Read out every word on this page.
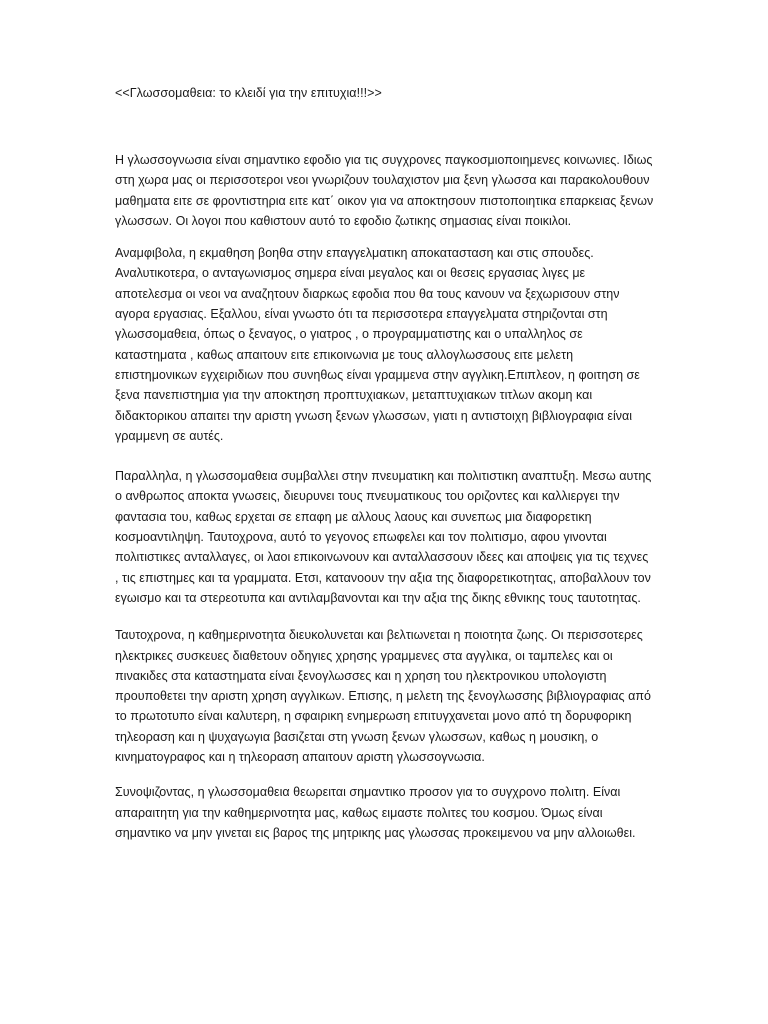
<<Γλωσσομαθεια: το κλειδί για την επιτυχια!!!>>

Η γλωσσογνωσια είναι σημαντικο εφοδιο για τις συγχρονες παγκοσμιοποιημενες κοινωνιες. Ιδιως στη χωρα μας οι περισσοτεροι νεοι γνωριζουν τουλαχιστον μια ξενη γλωσσα και παρακολουθουν μαθηματα ειτε σε φροντιστηρια ειτε κατ΄ οικον για να αποκτησουν πιστοποιητικα επαρκειας ξενων γλωσσων. Οι λογοι που καθιστουν αυτό το εφοδιο ζωτικης σημασιας είναι ποικιλοι.

Αναμφιβολα, η εκμαθηση βοηθα στην επαγγελματικη αποκατασταση και στις σπουδες. Αναλυτικοτερα, ο ανταγωνισμος σημερα είναι μεγαλος και οι θεσεις εργασιας λιγες με αποτελεσμα οι νεοι να αναζητουν διαρκως εφοδια που θα τους κανουν να ξεχωρισουν στην αγορα εργασιας. Εξαλλου, είναι γνωστο ότι τα περισσοτερα επαγγελματα στηριζονται στη γλωσσομαθεια, όπως ο ξεναγος, ο γιατρος , ο προγραμματιστης και ο υπαλληλος σε καταστηματα , καθως απαιτουν ειτε επικοινωνια με τους αλλογλωσσους ειτε μελετη επιστημονικων εγχειριδιων που συνηθως είναι γραμμενα στην αγγλικη.Επιπλεον, η φοιτηση σε ξενα πανεπιστημια για την αποκτηση προπτυχιακων, μεταπτυχιακων τιτλων ακομη και διδακτορικου απαιτει την αριστη γνωση ξενων γλωσσων, γιατι η αντιστοιχη βιβλιογραφια είναι γραμμενη σε αυτές.

Παραλληλα, η γλωσσομαθεια συμβαλλει στην πνευματικη και πολιτιστικη αναπτυξη. Μεσω αυτης ο ανθρωπος αποκτα γνωσεις, διευρυνει τους πνευματικους του οριζοντες και καλλιεργει την φαντασια του, καθως ερχεται σε επαφη με αλλους λαους και συνεπως μια διαφορετικη κοσμοαντιληψη. Ταυτοχρονα, αυτό το γεγονος επωφελει και τον πολιτισμο, αφου γινονται πολιτιστικες ανταλλαγες, οι λαοι επικοινωνουν και ανταλλασσουν ιδεες και αποψεις για τις τεχνες , τις επιστημες και τα γραμματα. Ετσι, κατανοουν την αξια της διαφορετικοτητας, αποβαλλουν τον εγωισμο και τα στερεοτυπα και αντιλαμβανονται και την αξια της δικης εθνικης τους ταυτοτητας.

Ταυτοχρονα, η καθημερινοτητα διευκολυνεται και βελτιωνεται η ποιοτητα ζωης. Οι περισσοτερες ηλεκτρικες συσκευες διαθετουν οδηγιες χρησης γραμμενες στα αγγλικα, οι ταμπελες και οι πινακιδες στα καταστηματα είναι ξενογλωσσες και η χρηση του ηλεκτρονικου υπολογιστη προυποθετει την αριστη χρηση αγγλικων. Επισης, η μελετη της ξενογλωσσης βιβλιογραφιας από το πρωτοτυπο είναι καλυτερη, η σφαιρικη ενημερωση επιτυγχανεται μονο από τη δορυφορικη τηλεοραση και η ψυχαγωγια βασιζεται στη γνωση ξενων γλωσσων, καθως η μουσικη, ο κινηματογραφος και η τηλεοραση απαιτουν αριστη γλωσσογνωσια.

Συνοψιζοντας, η γλωσσομαθεια θεωρειται σημαντικο προσον για το συγχρονο πολιτη. Είναι απαραιτητη για την καθημερινοτητα μας, καθως ειμαστε πολιτες του κοσμου. Όμως είναι σημαντικο να μην γινεται εις βαρος της μητρικης μας γλωσσας προκειμενου να μην αλλοιωθει.
